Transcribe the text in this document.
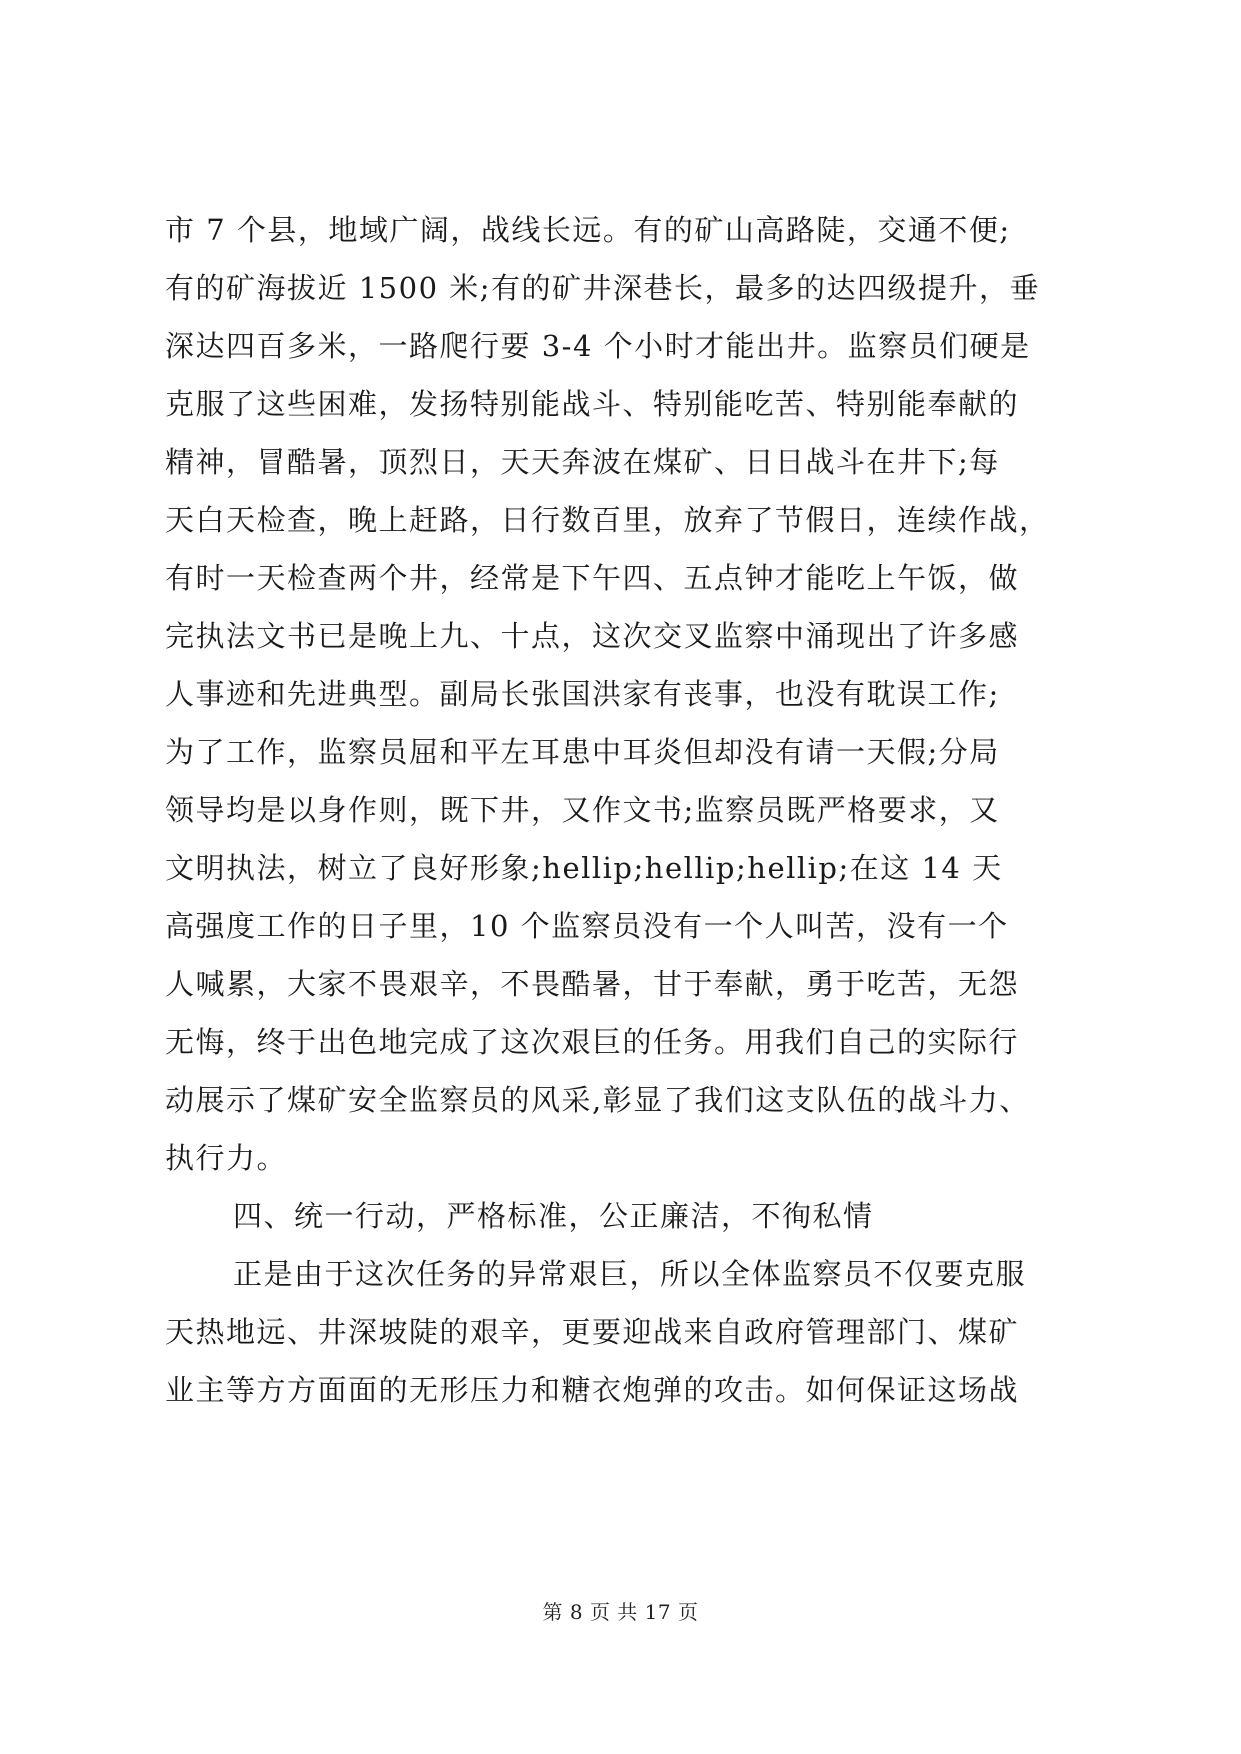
市 7 个县，地域广阔，战线长远。有的矿山高路陡，交通不便;
有的矿海拔近 1500 米;有的矿井深巷长，最多的达四级提升，垂
深达四百多米，一路爬行要 3-4 个小时才能出井。监察员们硬是
克服了这些困难，发扬特别能战斗、特别能吃苦、特别能奉献的
精神，冒酷暑，顶烈日，天天奔波在煤矿、日日战斗在井下;每
天白天检查，晚上赶路，日行数百里，放弃了节假日，连续作战，
有时一天检查两个井，经常是下午四、五点钟才能吃上午饭，做
完执法文书已是晚上九、十点，这次交叉监察中涌现出了许多感
人事迹和先进典型。副局长张国洪家有丧事，也没有耽误工作;
为了工作，监察员屈和平左耳患中耳炎但却没有请一天假;分局
领导均是以身作则，既下井，又作文书;监察员既严格要求，又
文明执法，树立了良好形象;hellip;hellip;hellip;在这 14 天
高强度工作的日子里，10 个监察员没有一个人叫苦，没有一个
人喊累，大家不畏艰辛，不畏酷暑，甘于奉献，勇于吃苦，无怨
无悔，终于出色地完成了这次艰巨的任务。用我们自己的实际行
动展示了煤矿安全监察员的风采,彰显了我们这支队伍的战斗力、
执行力。
四、统一行动，严格标准，公正廉洁，不徇私情
正是由于这次任务的异常艰巨，所以全体监察员不仅要克服
天热地远、井深坡陡的艰辛，更要迎战来自政府管理部门、煤矿
业主等方方面面的无形压力和糖衣炮弹的攻击。如何保证这场战
第 8 页 共 17 页
